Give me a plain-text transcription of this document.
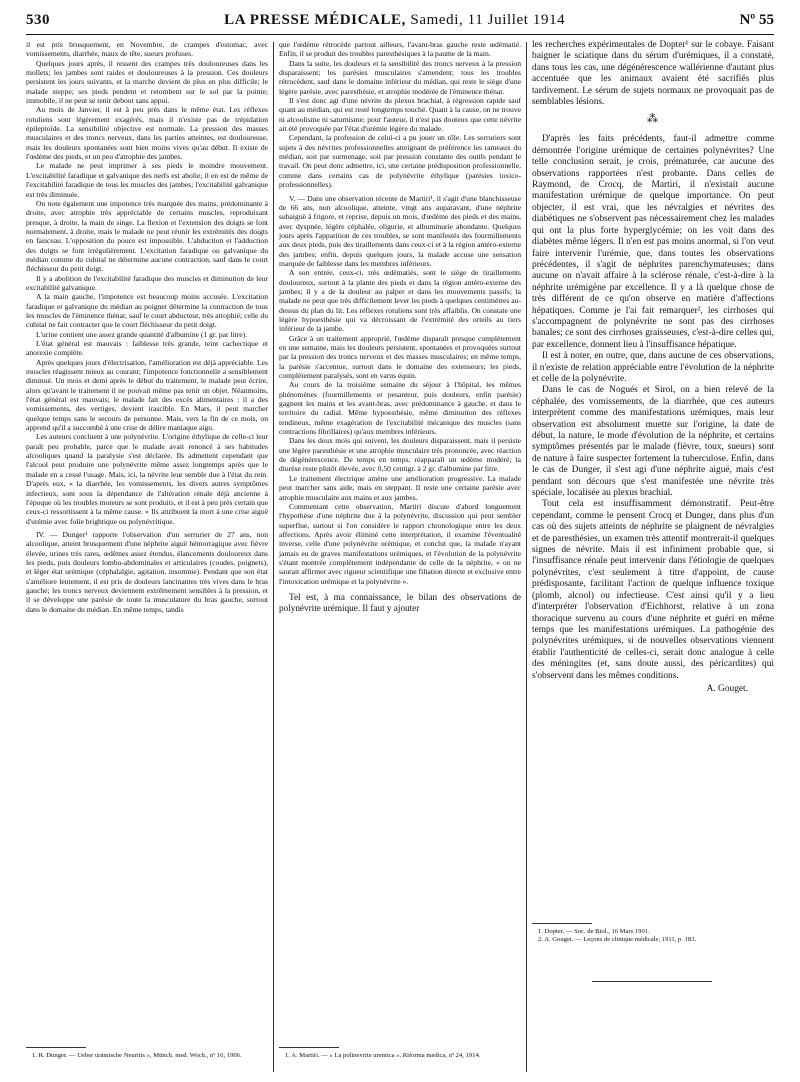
530	LA PRESSE MÉDICALE, Samedi, 11 Juillet 1914	Nº 55

il est pris brusquement, en Novembre, de crampes d'estomac, avec vomissements, diarrhée, maux de tête, sueurs profuses.

Quelques jours après, il ressent des crampes très douloureuses dans les mollets; les jambes sont raides et douloureuses à la pression. Ces douleurs persistent les jours suivants, et la marche devient de plus en plus difficile; le malade steppe; ses pieds pendent et retombent sur le sol par la pointe; immobile, il ne peut se tenir debout sans appui.

Au mois de Janvier, il est à peu près dans le même état. Les réflexes rotuliens sont légèrement exagérés, mais il n'existe pas de trépidation épileptoïde. La sensibilité objective est normale. La pression des masses musculaires et des troncs nerveux, dans les parties atteintes, est douloureuse, mais les douleurs spontanées sont bien moins vives qu'au début. Il existe de l'œdème des pieds, et un peu d'atrophie des jambes.

Le malade ne peut imprimer à ses pieds le moindre mouvement. L'excitabilité faradique et galvanique des nerfs est abolie; il en est de même de l'excitabilité faradique de tous les muscles des jambes; l'excitabilité galvanique est très diminuée.

On note également une impotence très marquée des mains, prédominante à droite, avec atrophie très appréciable de certains muscles, reproduisant presque, à droite, la main de singe. La flexion et l'extension des doigts se font normalement, à droite, mais le malade ne peut réunir les extrémités des doigts en faisceau. L'opposition du pouce est impossible. L'abduction et l'adduction des doigts se font irrégulièrement. L'excitation faradique ou galvanique du médian comme du cubital ne détermine aucune contraction, sauf dans le court fléchisseur du petit doigt.

Il y a abolition de l'excitabilité faradique des muscles et diminution de leur excitabilité galvanique.

A la main gauche, l'impotence est beaucoup moins accusée. L'excitation faradique et galvanique du médian au poignet détermine la contraction de tous les muscles de l'éminence thénar, sauf le court abducteur, très atrophié; celle du cubital ne fait contracter que le court fléchisseur du petit doigt.

L'urine contient une assez grande quantité d'albumine (1 gr. par litre).

L'état général est mauvais : faiblesse très grande, teint cachectique et anorexie complète.

Après quelques jours d'électrisation, l'amélioration est déjà appréciable. Les muscles réagissent mieux au courant; l'impotence fonctionnelle a sensiblement diminué. Un mois et demi après le début du traitement, le malade peut écrire, alors qu'avant le traitement il ne pouvait même pas tenir un objet. Néanmoins, l'état général est mauvais; le malade fait des excès alimentaires : il a des vomissements, des vertiges, devient irascible. En Mars, il peut marcher quelque temps sans le secours de personne. Mais, vers la fin de ce mois, on apprend qu'il a succombé à une crise de délire maniaque aigu.

Les auteurs concluent à une polynévrite. L'origine éthylique de celle-ci leur paraît peu probable, parce que le malade avait renoncé à ses habitudes alcooliques quand la paralysie s'est déclarée. Ils admettent cependant que l'alcool peut produire une polynévrite même assez longtemps après que le malade en a cessé l'usage. Mais, ici, la névrite leur semble due à l'état du rein. D'après eux, « la diarrhée, les vomissements, les divers autres symptômes infectieux, sont sous la dépendance de l'altération rénale déjà ancienne à l'époque où les troubles moteurs se sont produits, et il est à peu près certain que ceux-ci ressortissent à la même cause. » Ils attribuent la mort à une crise aiguë d'urémie avec folie brightique ou polynévritique.

IV. — Dunger¹ rapporte l'observation d'un serrurier de 27 ans, non alcoolique, atteint brusquement d'une néphrite aiguë hémorragique avec fièvre élevée, urines très rares, œdèmes assez étendus, élancements douloureux dans les pieds, puis douleurs lombo-abdominales et articulaires (coudes, poignets), et léger état urémique (céphalalgie, agitation, insomnie). Pendant que son état s'améliore lentement, il est pris de douleurs lancinantes très vives dans le bras gauche; les troncs nerveux deviennent extrêmement sensibles à la pression, et il se développe une parésie de toute la musculature du bras gauche, surtout dans le domaine du médian. En même temps, tandis

1. R. Dunger. — Ueber urämische Neuritis », Münch. med. Woch., nº 16, 1906.

que l'œdème rétrocède partout ailleurs, l'avant-bras gauche reste œdématié. Enfin, il se produit des troubles paresthésiques à la paume de la main.

Dans la suite, les douleurs et la sensibilité des troncs nerveux à la pression disparaissent; les parésies musculaires s'amendent; tous les troubles rétrocèdent, sauf dans le domaine inférieur du médian, qui reste le siège d'une légère parésie, avec paresthésie, et atrophie modérée de l'éminence thénar.

Il s'est donc agi d'une névrite du plexus brachial, à régression rapide sauf quant au médian, qui est resté longtemps touché. Quant à la cause, on ne trouve ni alcoolisme ni saturnisme; pour l'auteur, il n'est pas douteux que cette névrite ait été provoquée par l'état d'urémie légère du malade.

Cependant, la profession de celui-ci a pu jouer un rôle. Les serruriers sont sujets à des névrites professionnelles atteignant de préférence les rameaux du médian, soit par surmenage, soit par pression constante des outils pendant le travail. On peut donc admettre, ici, une certaine prédisposition professionnelle, comme dans certains cas de polynévrite éthylique (parésies toxico-professionnelles).

V. — Dans une observation récente de Martiri¹, il s'agit d'une blanchisseuse de 66 ans, non alcoolique, atteinte, vingt ans auparavant, d'une néphrite subaiguë à frigore, et reprise, depuis un mois, d'œdème des pieds et des mains, avec dyspnée, légère céphalée, oligurie, et albuminurie abondante. Quelques jours après l'apparition de ces troubles, se sont manifestés des fourmillements aux deux pieds, puis des tiraillements dans ceux-ci et à la région antéro-externe des jambes; enfin, depuis quelques jours, la malade accuse une sensation marquée de faiblesse dans les membres inférieurs.

A son entrée, ceux-ci, très œdématiés, sont le siège de tiraillements douloureux, surtout à la plante des pieds et dans la région antéro-externe des jambes; il y a de la douleur au palper et dans les mouvements passifs; la malade ne peut que très difficilement lever les pieds à quelques centimètres au-dessus du plan du lit. Les réflexes rotuliens sont très affaiblis. On constate une légère hypoesthésie qui va décroissant de l'extrémité des orteils au tiers inférieur de la jambe.

Grâce à un traitement approprié, l'œdème disparaît presque complètement en une semaine, mais les douleurs persistent, spontanées et provoquées surtout par la pression des troncs nerveux et des masses musculaires; en même temps, la parésie s'accentue, surtout dans le domaine des extenseurs; les pieds, complètement paralysés, sont en varus équin.

Au cours de la troisième semaine du séjour à l'hôpital, les mêmes phénomènes (fourmillements et pesanteur, puis douleurs, enfin parésie) gagnent les mains et les avant-bras, avec prédominance à gauche, et dans le territoire du radial. Même hypoesthésie, même diminution des réflexes tendineux, même exagération de l'excitabilité mécanique des muscles (sans contractions fibrillaires) qu'aux membres inférieurs.

Dans les deux mois qui suivent, les douleurs disparaissent, mais il persiste une légère paresthésie et une atrophie musculaire très prononcée, avec réaction de dégénérescence. De temps en temps, réapparaît un œdème modéré; la diurèse reste plutôt élevée, avec 0,50 centigr. à 2 gr. d'albumine par litre.

Le traitement électrique amène une amélioration progressive. La malade peut marcher sans aide, mais en steppant. Il reste une certaine parésie avec atrophie musculaire aux mains et aux jambes.

Commentant cette observation, Martiri discute d'abord longuement l'hypothèse d'une néphrite due à la polynévrite, discussion qui peut sembler superflue, surtout si l'on considère le rapport chronologique entre les deux affections. Après avoir éliminé cette interprétation, il examine l'éventualité inverse, celle d'une polynévrite urémique, et conclut que, la malade n'ayant jamais eu de graves manifestations urémiques, et l'évolution de la polynévrite s'étant montrée complètement indépendante de celle de la néphrite, « on ne saurait affirmer avec rigueur scientifique une filiation directe et exclusive entre l'intoxication urémique et la polynévrite ».

Tel est, à ma connaissance, le bilan des observations de polynévrite urémique. Il faut y ajouter

1. A. Martiri. — « La polinevrite uremica ». Riforma medica, nº 24, 1914.

les recherches expérimentales de Dopter¹ sur le cobaye. Faisant baigner le sciatique dans du sérum d'urémiques, il a constaté, dans tous les cas, une dégénérescence wallérienne d'autant plus accentuée que les animaux avaient été sacrifiés plus tardivement. Le sérum de sujets normaux ne provoquait pas de semblables lésions.

⁂

D'après les faits précédents, faut-il admettre comme démontrée l'origine urémique de certaines polynévrites? Une telle conclusion serait, je crois, prématurée, car aucune des observations rapportées n'est probante. Dans celles de Raymond, de Crocq, de Martiri, il n'existait aucune manifestation urémique de quelque importance. On peut objecter, il est vrai, que les névralgies et névrites des diabétiques ne s'observent pas nécessairement chez les malades qui ont la plus forte hyperglycémie; on les voit dans des diabètes même légers. Il n'en est pas moins anormal, si l'on veut faire intervenir l'urémie, que, dans toutes les observations précédentes, il s'agit de néphrites parenchymateuses; dans aucune on n'avait affaire à la sclérose rénale, c'est-à-dire à la néphrite urémigène par excellence. Il y a là quelque chose de très différent de ce qu'on observe en matière d'affections hépatiques. Comme je l'ai fait remarquer², les cirrhoses qui s'accompagnent de polynévrite ne sont pas des cirrhoses banales; ce sont des cirrhoses graisseuses, c'est-à-dire celles qui, par excellence, donnent lieu à l'insuffisance hépatique.

Il est à noter, en outre, que, dans aucune de ces observations, il n'existe de relation appréciable entre l'évolution de la néphrite et celle de la polynévrite.

Dans le cas de Nogués et Sirol, on a bien relevé de la céphalée, des vomissements, de la diarrhée, que ces auteurs interprètent comme des manifestations urémiques, mais leur observation est absolument muette sur l'origine, la date de début, la nature, le mode d'évolution de la néphrite, et certains symptômes présentés par le malade (fièvre, toux, sueurs) sont de nature à faire suspecter fortement la tuberculose. Enfin, dans le cas de Dunger, il s'est agi d'une néphrite aiguë, mais c'est pendant son décours que s'est manifestée une névrite très spéciale, localisée au plexus brachial.

Tout cela est insuffisamment démonstratif. Peut-être cependant, comme le pensent Crocq et Dunger, dans plus d'un cas où des sujets atteints de néphrite se plaignent de névralgies et de paresthésies, un examen très attentif montrerait-il quelques signes de névrite. Mais il est infiniment probable que, si l'insuffisance rénale peut intervenir dans l'étiologie de quelques polynévrites, c'est seulement à titre d'appoint, de cause prédisposante, facilitant l'action de quelque influence toxique (plomb, alcool) ou infectieuse. C'est ainsi qu'il y a lieu d'interpréter l'observation d'Eichhorst, relative à un zona thoracique survenu au cours d'une néphrite et guéri en même temps que les manifestations urémiques. La pathogénie des polynévrites urémiques, si de nouvelles observations viennent établir l'authenticité de celles-ci, serait donc analogue à celle des méningites (et, sans doute aussi, des péricardites) qui s'observent dans les mêmes conditions.

A. Gouget.
1. Dopter. — Soc. de Biol., 16 Mars 1901.
2. A. Gouget. — Leçons de clinique médicale, 1911, p. 183.
